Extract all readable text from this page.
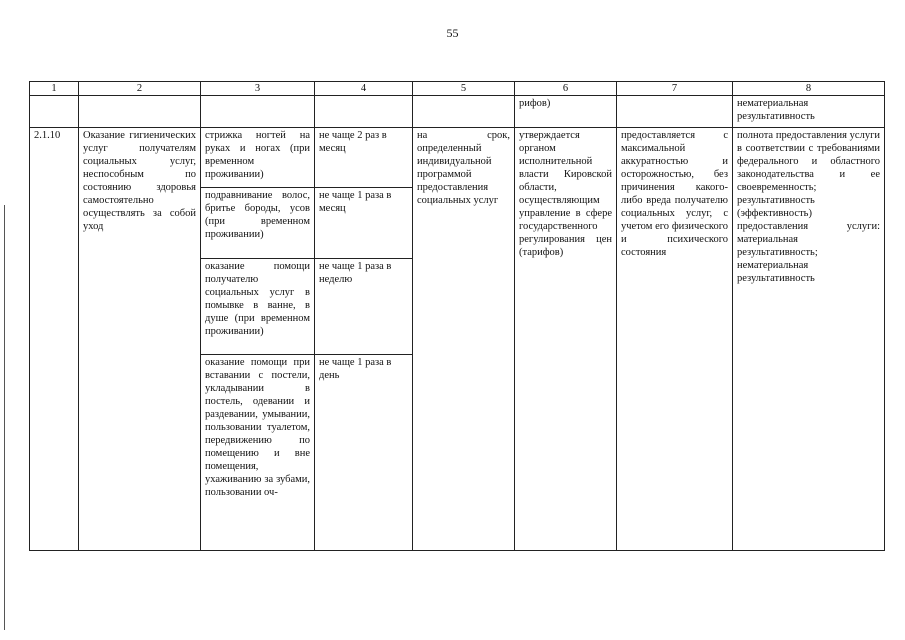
55
1	2	3	4	5	6	7	8
					рифов)		нематериальная результативность
2.1.10	Оказание гигиенических услуг получателям социальных услуг, неспособным по состоянию здоровья самостоятельно осуществлять за собой уход	стрижка ногтей на руках и ногах (при временном проживании)	не чаще 2 раз в месяц	на срок, определенный индивидуальной программой предоставления социальных услуг	утверждается органом исполнительной власти Кировской области, осуществляющим управление в сфере государственного регулирования цен (тарифов)	предоставляется с максимальной аккуратностью и осторожностью, без причинения какого-либо вреда получателю социальных услуг, с учетом его физического и психического состояния	полнота предоставления услуги в соответствии с требованиями федерального и областного законодательства и ее своевременность; результативность (эффективность) предоставления услуги: материальная результативность; нематериальная результативность
		подравнивание волос, бритье бороды, усов (при временном проживании)	не чаще 1 раза в месяц				
		оказание помощи получателю социальных услуг в помывке в ванне, в душе (при временном проживании)	не чаще 1 раза в неделю				
		оказание помощи при вставании с постели, укладывании в постель, одевании и раздевании, умывании, пользовании туалетом, передвижению по помещению и вне помещения, ухаживанию за зубами, пользовании оч-	не чаще 1 раза в день				
